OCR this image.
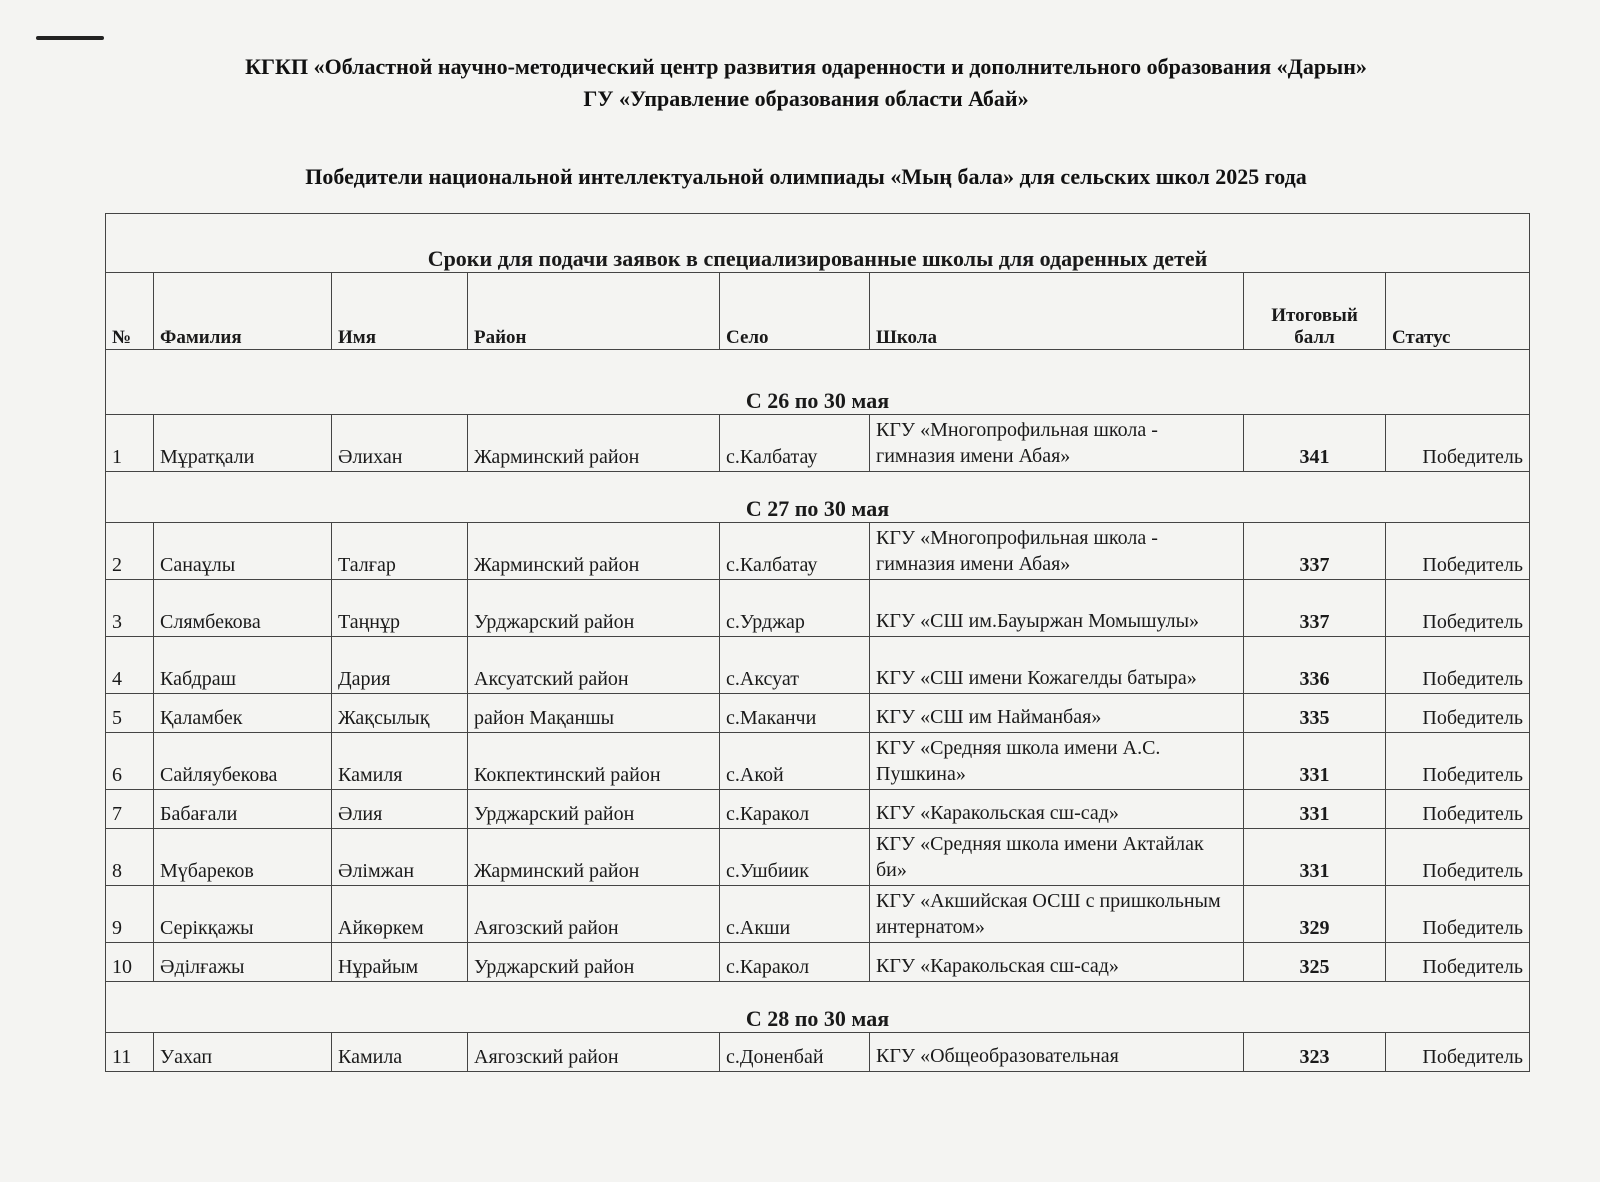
КГКП «Областной научно-методический центр развития одаренности и дополнительного образования «Дарын»
ГУ «Управление образования области Абай»
Победители национальной интеллектуальной олимпиады «Мың бала» для сельских школ 2025 года
Сроки для подачи заявок в специализированные школы для одаренных детей							
№	Фамилия	Имя	Район	Село	Школа	Итоговый балл	Статус
С 26 по 30 мая							
1	Мұратқали	Әлихан	Жарминский район	с.Калбатау	КГУ «Многопрофильная школа - гимназия имени Абая»	341	Победитель
С 27 по 30 мая							
2	Санаұлы	Талғар	Жарминский район	с.Калбатау	КГУ «Многопрофильная школа - гимназия имени Абая»	337	Победитель
3	Слямбекова	Таңнұр	Урджарский район	с.Урджар	КГУ «СШ им.Бауыржан Момышулы»	337	Победитель
4	Кабдраш	Дария	Аксуатский район	с.Аксуат	КГУ «СШ имени Кожагелды батыра»	336	Победитель
5	Қаламбек	Жақсылық	район Мақаншы	с.Маканчи	КГУ «СШ им Найманбая»	335	Победитель
6	Сайляубекова	Камиля	Кокпектинский район	с.Акой	КГУ «Средняя школа имени А.С. Пушкина»	331	Победитель
7	Бабағали	Әлия	Урджарский район	с.Каракол	КГУ «Каракольская сш-сад»	331	Победитель
8	Мүбареков	Әлімжан	Жарминский район	с.Ушбиик	КГУ «Средняя школа имени Актайлак би»	331	Победитель
9	Серікқажы	Айкөркем	Аягозский район	с.Акши	КГУ «Акшийская ОСШ с пришкольным интернатом»	329	Победитель
10	Әділғажы	Нұрайым	Урджарский район	с.Каракол	КГУ «Каракольская сш-сад»	325	Победитель
С 28 по 30 мая							
11	Уахап	Камила	Аягозский район	с.Доненбай	КГУ «Общеобразовательная	323	Победитель
